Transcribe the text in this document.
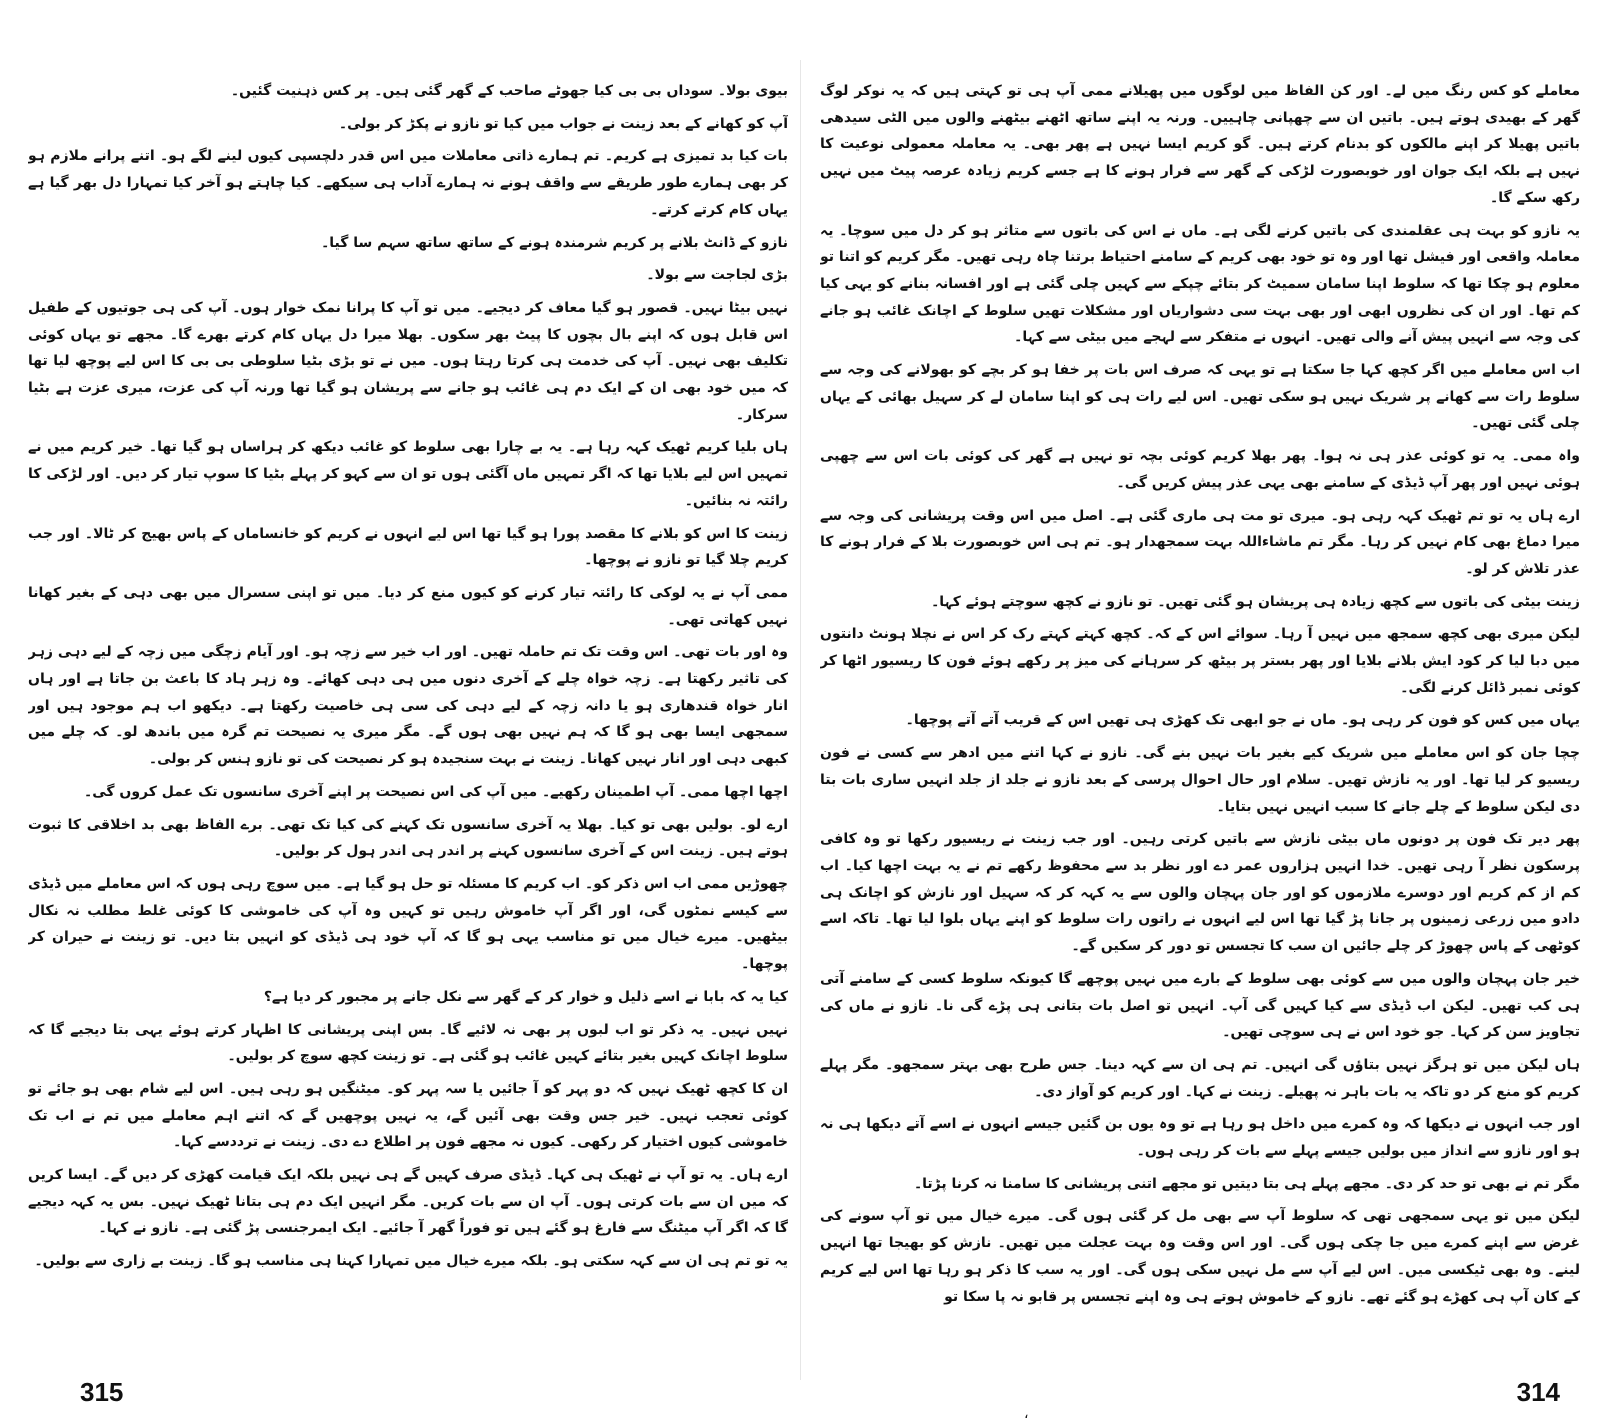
بیوی بولا۔ سوداں بی بی کیا جھوٹے صاحب کے گھر گئی ہیں۔ پر کس ذہنیت گئیں۔

آپ کو کھانے کے بعد زینت نے جواب میں کیا تو نازو نے پکڑ کر بولی۔

بات کیا بد تمیزی ہے کریم۔ تم ہمارے ذاتی معاملات میں اس قدر دلچسپی کیوں لینے لگے ہو۔ اتنے پرانے ملازم ہو کر بھی ہمارے طور طریقے سے واقف ہونے نہ ہمارے آداب ہی سیکھے۔ کیا چاہتے ہو آخر کیا تمہارا دل بھر گیا ہے یہاں کام کرتے کرتے۔

نازو کے ڈانٹ بلانے پر کریم شرمندہ ہونے کے ساتھ ساتھ سہم سا گیا۔

بڑی لجاجت سے بولا۔

نہیں بیٹا نہیں۔ قصور ہو گیا معاف کر دیجیے۔ میں تو آپ کا پرانا نمک خوار ہوں۔ آپ کی ہی جوتیوں کے طفیل اس قابل ہوں کہ اپنے بال بچوں کا پیٹ بھر سکوں۔ بھلا میرا دل یہاں کام کرتے بھرے گا۔ مجھے تو یہاں کوئی تکلیف بھی نہیں۔ آپ کی خدمت ہی کرتا رہتا ہوں۔ میں نے تو بڑی بٹیا سلوطی بی بی کا اس لیے پوچھ لیا تھا کہ میں خود بھی ان کے ایک دم ہی غائب ہو جانے سے پریشان ہو گیا تھا ورنہ آپ کی عزت، میری عزت ہے بٹیا سرکار۔

ہاں بلیا کریم ٹھیک کہہ رہا ہے۔ یہ بے چارا بھی سلوط کو غائب دیکھ کر ہراساں ہو گیا تھا۔ خیر کریم میں نے تمہیں اس لیے بلایا تھا کہ اگر تمہیں ماں آگئی ہوں تو ان سے کہو کر پہلے بٹیا کا سوپ تیار کر دیں۔ اور لڑکی کا رائتہ نہ بنائیں۔

زینت کا اس کو بلانے کا مقصد پورا ہو گیا تھا اس لیے انہوں نے کریم کو خانساماں کے پاس بھیج کر ٹالا۔ اور جب کریم چلا گیا تو نازو نے پوچھا۔

ممی آپ نے یہ لوکی کا رائتہ تیار کرنے کو کیوں منع کر دیا۔ میں تو اپنی سسرال میں بھی دہی کے بغیر کھانا نہیں کھاتی تھی۔

وہ اور بات تھی۔ اس وقت تک تم حاملہ تھیں۔ اور اب خیر سے زچہ ہو۔ اور آیام زچگی میں زچہ کے لیے دہی زہر کی تاثیر رکھتا ہے۔ زچہ خواہ چلے کے آخری دنوں میں ہی دہی کھائے۔ وہ زہر ہاد کا باعث بن جاتا ہے اور ہاں انار خواہ قندھاری ہو یا دانہ زچہ کے لیے دہی کی سی ہی خاصیت رکھتا ہے۔ دیکھو اب ہم موجود ہیں اور سمجھی ایسا بھی ہو گا کہ ہم نہیں بھی ہوں گے۔ مگر میری یہ نصیحت تم گرہ میں باندھ لو۔ کہ چلے میں کبھی دہی اور انار نہیں کھانا۔ زینت نے بہت سنجیدہ ہو کر نصیحت کی تو نازو ہنس کر بولی۔

اچھا اچھا ممی۔ آپ اطمینان رکھیے۔ میں آپ کی اس نصیحت پر اپنے آخری سانسوں تک عمل کروں گی۔

ارے لو۔ بولیں بھی تو کیا۔ بھلا یہ آخری سانسوں تک کہنے کی کیا تک تھی۔ برے الفاظ بھی بد اخلاقی کا ثبوت ہوتے ہیں۔ زینت اس کے آخری سانسوں کہنے پر اندر ہی اندر ہول کر بولیں۔

چھوڑیں ممی اب اس ذکر کو۔ اب کریم کا مسئلہ تو حل ہو گیا ہے۔ میں سوچ رہی ہوں کہ اس معاملے میں ڈیڈی سے کیسے نمٹوں گی، اور اگر آپ خاموش رہیں تو کہیں وہ آپ کی خاموشی کا کوئی غلط مطلب نہ نکال بیٹھیں۔ میرے خیال میں تو مناسب یہی ہو گا کہ آپ خود ہی ڈیڈی کو انہیں بتا دیں۔ تو زینت نے حیران کر پوچھا۔

کیا یہ کہ بابا نے اسے ذلیل و خوار کر کے گھر سے نکل جانے پر مجبور کر دیا ہے؟

نہیں نہیں۔ یہ ذکر تو اب لبوں پر بھی نہ لائیے گا۔ بس اپنی پریشانی کا اظہار کرتے ہوئے یہی بتا دیجیے گا کہ سلوط اچانک کہیں بغیر بتائے کہیں غائب ہو گئی ہے۔ تو زینت کچھ سوچ کر بولیں۔

ان کا کچھ ٹھیک نہیں کہ دو پہر کو آ جائیں یا سہ پہر کو۔ میٹنگیں ہو رہی ہیں۔ اس لیے شام بھی ہو جائے تو کوئی تعجب نہیں۔ خیر جس وقت بھی آئیں گے، یہ نہیں پوچھیں گے کہ اتنے اہم معاملے میں تم نے اب تک خاموشی کیوں اختیار کر رکھی۔ کیوں نہ مجھے فون پر اطلاع دے دی۔ زینت نے ترددسے کہا۔

ارے ہاں۔ یہ تو آپ نے ٹھیک ہی کہا۔ ڈیڈی صرف کہیں گے ہی نہیں بلکہ ایک قیامت کھڑی کر دیں گے۔ ایسا کریں کہ میں ان سے بات کرتی ہوں۔ آپ ان سے بات کریں۔ مگر انہیں ایک دم ہی بتانا ٹھیک نہیں۔ بس یہ کہہ دیجیے گا کہ اگر آپ میٹنگ سے فارغ ہو گئے ہیں تو فوراً گھر آ جائیے۔ ایک ایمرجنسی پڑ گئی ہے۔ نازو نے کہا۔

یہ تو تم ہی ان سے کہہ سکتی ہو۔ بلکہ میرے خیال میں تمہارا کہنا ہی مناسب ہو گا۔ زینت بے زاری سے بولیں۔

315

معاملے کو کس رنگ میں لے۔ اور کن الفاظ میں لوگوں میں پھیلانے ممی آپ ہی تو کہتی ہیں کہ یہ نوکر لوگ گھر کے بھیدی ہوتے ہیں۔ باتیں ان سے چھپانی چاہییں۔ ورنہ یہ اپنے ساتھ اٹھنے بیٹھنے والوں میں الٹی سیدھی باتیں پھیلا کر اپنے مالکوں کو بدنام کرتے ہیں۔ گو کریم ایسا نہیں ہے پھر بھی۔ یہ معاملہ معمولی نوعیت کا نہیں ہے بلکہ ایک جوان اور خوبصورت لڑکی کے گھر سے فرار ہونے کا ہے جسے کریم زیادہ عرصہ پیٹ میں نہیں رکھ سکے گا۔

یہ نازو کو بہت ہی عقلمندی کی باتیں کرنے لگی ہے۔ ماں نے اس کی باتوں سے متاثر ہو کر دل میں سوچا۔ یہ معاملہ واقعی اور فیشل تھا اور وہ تو خود بھی کریم کے سامنے احتیاط برتنا چاہ رہی تھیں۔ مگر کریم کو اتنا تو معلوم ہو چکا تھا کہ سلوط اپنا سامان سمیٹ کر بتائے چپکے سے کہیں چلی گئی ہے اور افسانہ بنانے کو یہی کیا کم تھا۔ اور ان کی نظروں ابھی اور بھی بہت سی دشواریاں اور مشکلات تھیں سلوط کے اچانک غائب ہو جانے کی وجہ سے انہیں پیش آنے والی تھیں۔ انہوں نے متفکر سے لہجے میں بیٹی سے کہا۔

اب اس معاملے میں اگر کچھ کہا جا سکتا ہے تو یہی کہ صرف اس بات پر خفا ہو کر بچے کو بھولانے کی وجہ سے سلوط رات سے کھانے پر شریک نہیں ہو سکی تھیں۔ اس لیے رات ہی کو اپنا سامان لے کر سہیل بھائی کے یہاں چلی گئی تھیں۔

واہ ممی۔ یہ تو کوئی عذر ہی نہ ہوا۔ پھر بھلا کریم کوئی بچہ تو نہیں ہے گھر کی کوئی بات اس سے چھپی ہوئی نہیں اور پھر آپ ڈیڈی کے سامنے بھی یہی عذر پیش کریں گی۔

ارے ہاں یہ تو تم ٹھیک کہہ رہی ہو۔ میری تو مت ہی ماری گئی ہے۔ اصل میں اس وقت پریشانی کی وجہ سے میرا دماغ بھی کام نہیں کر رہا۔ مگر تم ماشاءاللہ بہت سمجھدار ہو۔ تم ہی اس خوبصورت بلا کے فرار ہونے کا عذر تلاش کر لو۔

زینت بیٹی کی باتوں سے کچھ زیادہ ہی پریشان ہو گئی تھیں۔ تو نازو نے کچھ سوچتے ہوئے کہا۔

لیکن میری بھی کچھ سمجھ میں نہیں آ رہا۔ سوائے اس کے کہ۔ کچھ کہتے کہتے رک کر اس نے نچلا ہونٹ دانتوں میں دبا لیا کر کود ایش بلانے بلایا اور پھر بستر پر بیٹھ کر سرہانے کی میز پر رکھے ہوئے فون کا ریسیور اٹھا کر کوئی نمبر ڈائل کرنے لگی۔

یہاں میں کس کو فون کر رہی ہو۔ ماں نے جو ابھی تک کھڑی ہی تھیں اس کے قریب آتے آتے پوچھا۔

چچا جان کو اس معاملے میں شریک کیے بغیر بات نہیں بنے گی۔ نازو نے کہا اتنے میں ادھر سے کسی نے فون ریسیو کر لیا تھا۔ اور یہ نازش تھیں۔ سلام اور حال احوال پرسی کے بعد نازو نے جلد از جلد انہیں ساری بات بتا دی لیکن سلوط کے چلے جانے کا سبب انہیں نہیں بتایا۔

پھر دیر تک فون پر دونوں ماں بیٹی نازش سے باتیں کرتی رہیں۔ اور جب زینت نے ریسیور رکھا تو وہ کافی پرسکون نظر آ رہی تھیں۔ خدا انہیں ہزاروں عمر دے اور نظر بد سے محفوظ رکھے تم نے یہ بہت اچھا کیا۔ اب کم از کم کریم اور دوسرے ملازموں کو اور جان پہچان والوں سے یہ کہہ کر کہ سہیل اور نازش کو اچانک ہی دادو میں زرعی زمینوں پر جانا پڑ گیا تھا اس لیے انہوں نے راتوں رات سلوط کو اپنے یہاں بلوا لیا تھا۔ تاکہ اسے کوٹھی کے پاس چھوڑ کر چلے جائیں ان سب کا تجسس تو دور کر سکیں گے۔

خیر جان پہچان والوں میں سے کوئی بھی سلوط کے بارے میں نہیں پوچھے گا کیونکہ سلوط کسی کے سامنے آتی ہی کب تھیں۔ لیکن اب ڈیڈی سے کیا کہیں گی آپ۔ انہیں تو اصل بات بتانی ہی پڑے گی نا۔ نازو نے ماں کی تجاویز سن کر کہا۔ جو خود اس نے ہی سوچی تھیں۔

ہاں لیکن میں تو ہرگز نہیں بتاؤں گی انہیں۔ تم ہی ان سے کہہ دینا۔ جس طرح بھی بہتر سمجھو۔ مگر پہلے کریم کو منع کر دو تاکہ یہ بات باہر نہ پھیلے۔ زینت نے کہا۔ اور کریم کو آواز دی۔

اور جب انہوں نے دیکھا کہ وہ کمرے میں داخل ہو رہا ہے تو وہ یوں بن گئیں جیسے انہوں نے اسے آتے دیکھا ہی نہ ہو اور نازو سے انداز میں بولیں جیسے پہلے سے بات کر رہی ہوں۔

مگر تم نے بھی تو حد کر دی۔ مجھے پہلے ہی بتا دیتیں تو مجھے اتنی پریشانی کا سامنا نہ کرنا پڑتا۔

لیکن میں تو یہی سمجھی تھی کہ سلوط آپ سے بھی مل کر گئی ہوں گی۔ میرے خیال میں تو آپ سونے کی غرض سے اپنے کمرے میں جا چکی ہوں گی۔ اور اس وقت وہ بہت عجلت میں تھیں۔ نازش کو بھیجا تھا انہیں لینے۔ وہ بھی ٹیکسی میں۔ اس لیے آپ سے مل نہیں سکی ہوں گی۔ اور یہ سب کا ذکر ہو رہا تھا اس لیے کریم کے کان آپ ہی کھڑے ہو گئے تھے۔ نازو کے خاموش ہوتے ہی وہ اپنے تجسس پر قابو نہ پا سکا تو

314
،
